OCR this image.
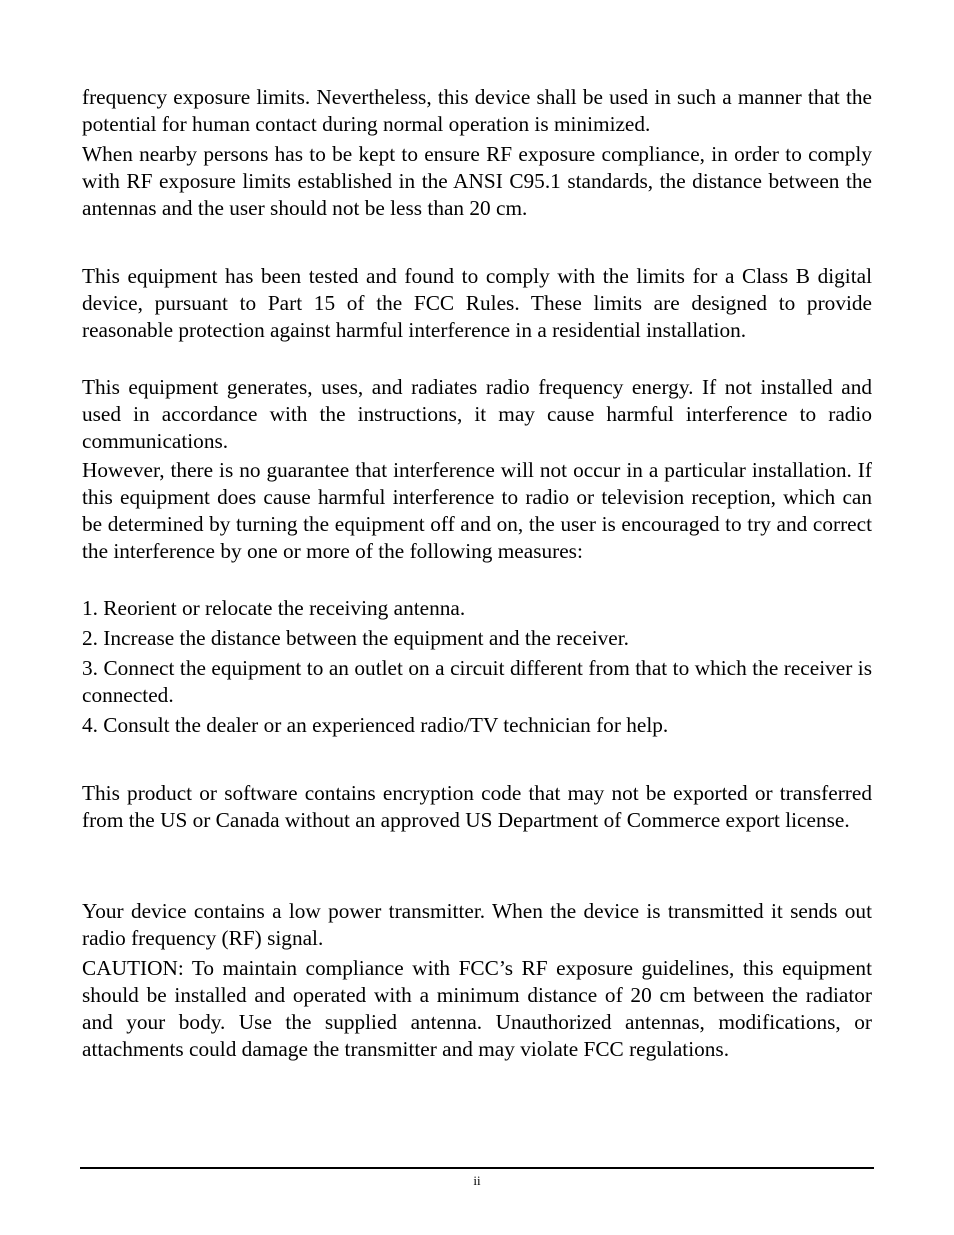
frequency exposure limits. Nevertheless, this device shall be used in such a manner that the potential for human contact during normal operation is minimized.

When nearby persons has to be kept to ensure RF exposure compliance, in order to comply with RF exposure limits established in the ANSI C95.1 standards, the distance between the antennas and the user should not be less than 20 cm.

This equipment has been tested and found to comply with the limits for a Class B digital device, pursuant to Part 15 of the FCC Rules. These limits are designed to provide reasonable protection against harmful interference in a residential installation.

This equipment generates, uses, and radiates radio frequency energy. If not installed and used in accordance with the instructions, it may cause harmful interference to radio communications.

However, there is no guarantee that interference will not occur in a particular installation. If this equipment does cause harmful interference to radio or television reception, which can be determined by turning the equipment off and on, the user is encouraged to try and correct the interference by one or more of the following measures:

1. Reorient or relocate the receiving antenna.

2. Increase the distance between the equipment and the receiver.

3. Connect the equipment to an outlet on a circuit different from that to which the receiver is connected.

4. Consult the dealer or an experienced radio/TV technician for help.

This product or software contains encryption code that may not be exported or transferred from the US or Canada without an approved US Department of Commerce export license.

Your device contains a low power transmitter. When the device is transmitted it sends out radio frequency (RF) signal.

CAUTION: To maintain compliance with FCC’s RF exposure guidelines, this equipment should be installed and operated with a minimum distance of 20 cm between the radiator and your body. Use the supplied antenna. Unauthorized antennas, modifications, or attachments could damage the transmitter and may violate FCC regulations.

ii
